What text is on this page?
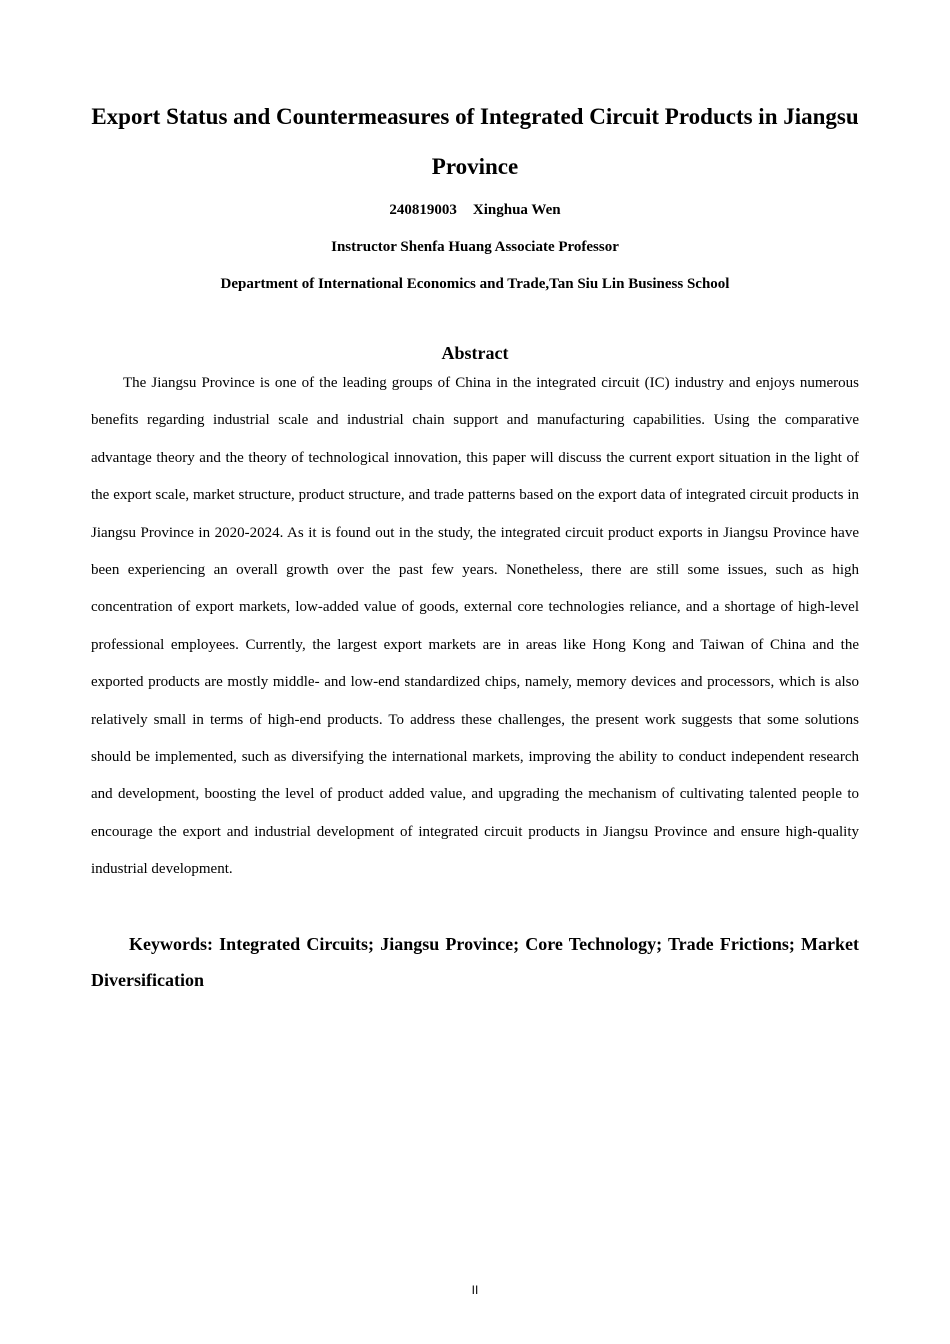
Export Status and Countermeasures of Integrated Circuit Products in Jiangsu Province

240819003 Xinghua Wen

Instructor Shenfa Huang Associate Professor

Department of International Economics and Trade,Tan Siu Lin Business School

Abstract

The Jiangsu Province is one of the leading groups of China in the integrated circuit (IC) industry and enjoys numerous benefits regarding industrial scale and industrial chain support and manufacturing capabilities. Using the comparative advantage theory and the theory of technological innovation, this paper will discuss the current export situation in the light of the export scale, market structure, product structure, and trade patterns based on the export data of integrated circuit products in Jiangsu Province in 2020-2024. As it is found out in the study, the integrated circuit product exports in Jiangsu Province have been experiencing an overall growth over the past few years. Nonetheless, there are still some issues, such as high concentration of export markets, low-added value of goods, external core technologies reliance, and a shortage of high-level professional employees. Currently, the largest export markets are in areas like Hong Kong and Taiwan of China and the exported products are mostly middle- and low-end standardized chips, namely, memory devices and processors, which is also relatively small in terms of high-end products. To address these challenges, the present work suggests that some solutions should be implemented, such as diversifying the international markets, improving the ability to conduct independent research and development, boosting the level of product added value, and upgrading the mechanism of cultivating talented people to encourage the export and industrial development of integrated circuit products in Jiangsu Province and ensure high-quality industrial development.

Keywords: Integrated Circuits; Jiangsu Province; Core Technology; Trade Frictions; Market Diversification

II
